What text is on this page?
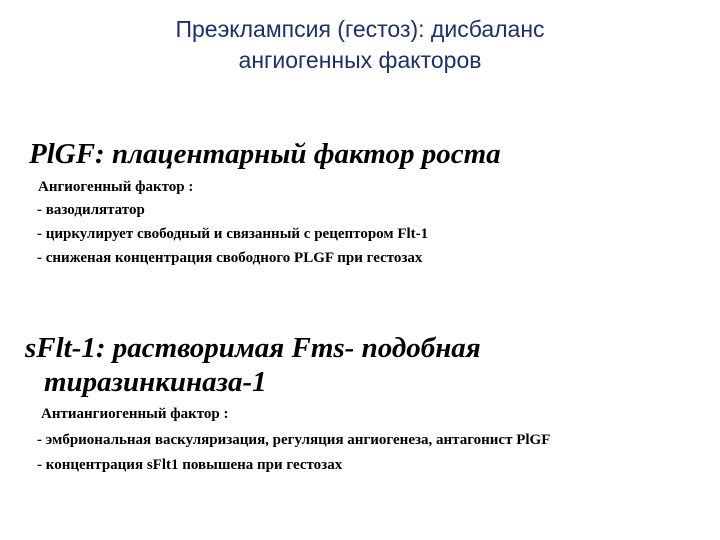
Преэклампсия (гестоз): дисбаланс
ангиогенных факторов
PlGF: плацентарный фактор роста
Ангиогенный фактор :
- вазодилятатор
- циркулирует свободный и связанный с рецептором Flt-1
- сниженая концентрация свободного PLGF при гестозах
sFlt-1: растворимая Fms- подобная
тиразинкиназа-1
Антиангиогенный фактор :
- эмбриональная васкуляризация, регуляция ангиогенеза, антагонист PlGF
- концентрация sFlt1 повышена при гестозах
